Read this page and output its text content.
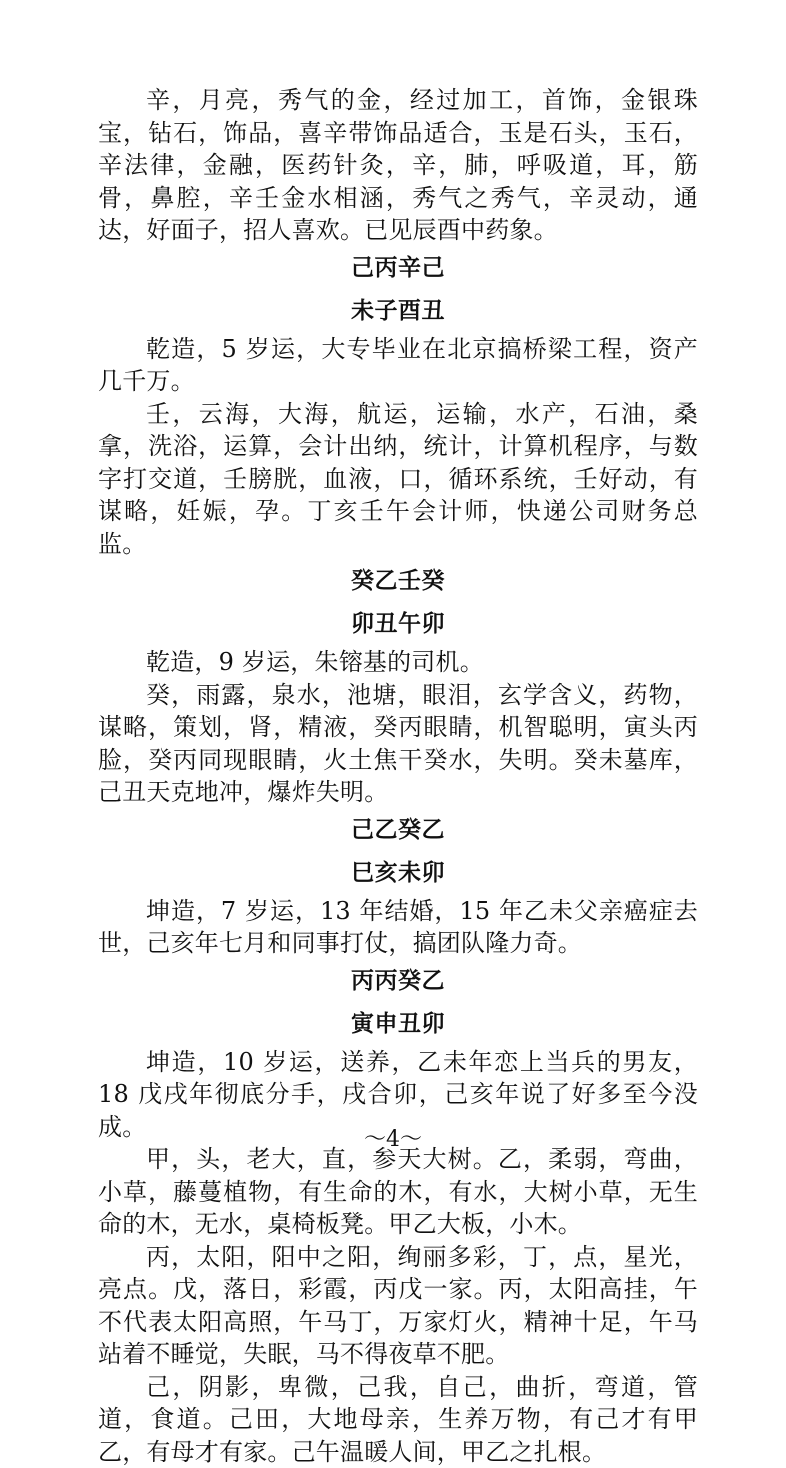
辛，月亮，秀气的金，经过加工，首饰，金银珠宝，钻石，饰品，喜辛带饰品适合，玉是石头，玉石，辛法律，金融，医药针灸，辛，肺，呼吸道，耳，筋骨，鼻腔，辛壬金水相涵，秀气之秀气，辛灵动，通达，好面子，招人喜欢。已见辰酉中药象。

己丙辛己
未子酉丑

乾造，5 岁运，大专毕业在北京搞桥梁工程，资产几千万。

壬，云海，大海，航运，运输，水产，石油，桑拿，洗浴，运算，会计出纳，统计，计算机程序，与数字打交道，壬膀胱，血液，口，循环系统，壬好动，有谋略，妊娠，孕。丁亥壬午会计师，快递公司财务总监。

癸乙壬癸
卯丑午卯

乾造，9 岁运，朱镕基的司机。

癸，雨露，泉水，池塘，眼泪，玄学含义，药物，谋略，策划，肾，精液，癸丙眼睛，机智聪明，寅头丙脸，癸丙同现眼睛，火土焦干癸水，失明。癸未墓库，己丑天克地冲，爆炸失明。

己乙癸乙
巳亥未卯

坤造，7 岁运，13 年结婚，15 年乙未父亲癌症去世，己亥年七月和同事打仗，搞团队隆力奇。

丙丙癸乙
寅申丑卯

坤造，10 岁运，送养，乙未年恋上当兵的男友，18 戊戌年彻底分手，戌合卯，己亥年说了好多至今没成。

甲，头，老大，直，参天大树。乙，柔弱，弯曲，小草，藤蔓植物，有生命的木，有水，大树小草，无生命的木，无水，桌椅板凳。甲乙大板，小木。

丙，太阳，阳中之阳，绚丽多彩，丁，点，星光，亮点。戊，落日，彩霞，丙戊一家。丙，太阳高挂，午不代表太阳高照，午马丁，万家灯火，精神十足，午马站着不睡觉，失眠，马不得夜草不肥。

己，阴影，卑微，己我，自己，曲折，弯道，管道，食道。己田，大地母亲，生养万物，有己才有甲乙，有母才有家。己午温暖人间，甲乙之扎根。

～4～
